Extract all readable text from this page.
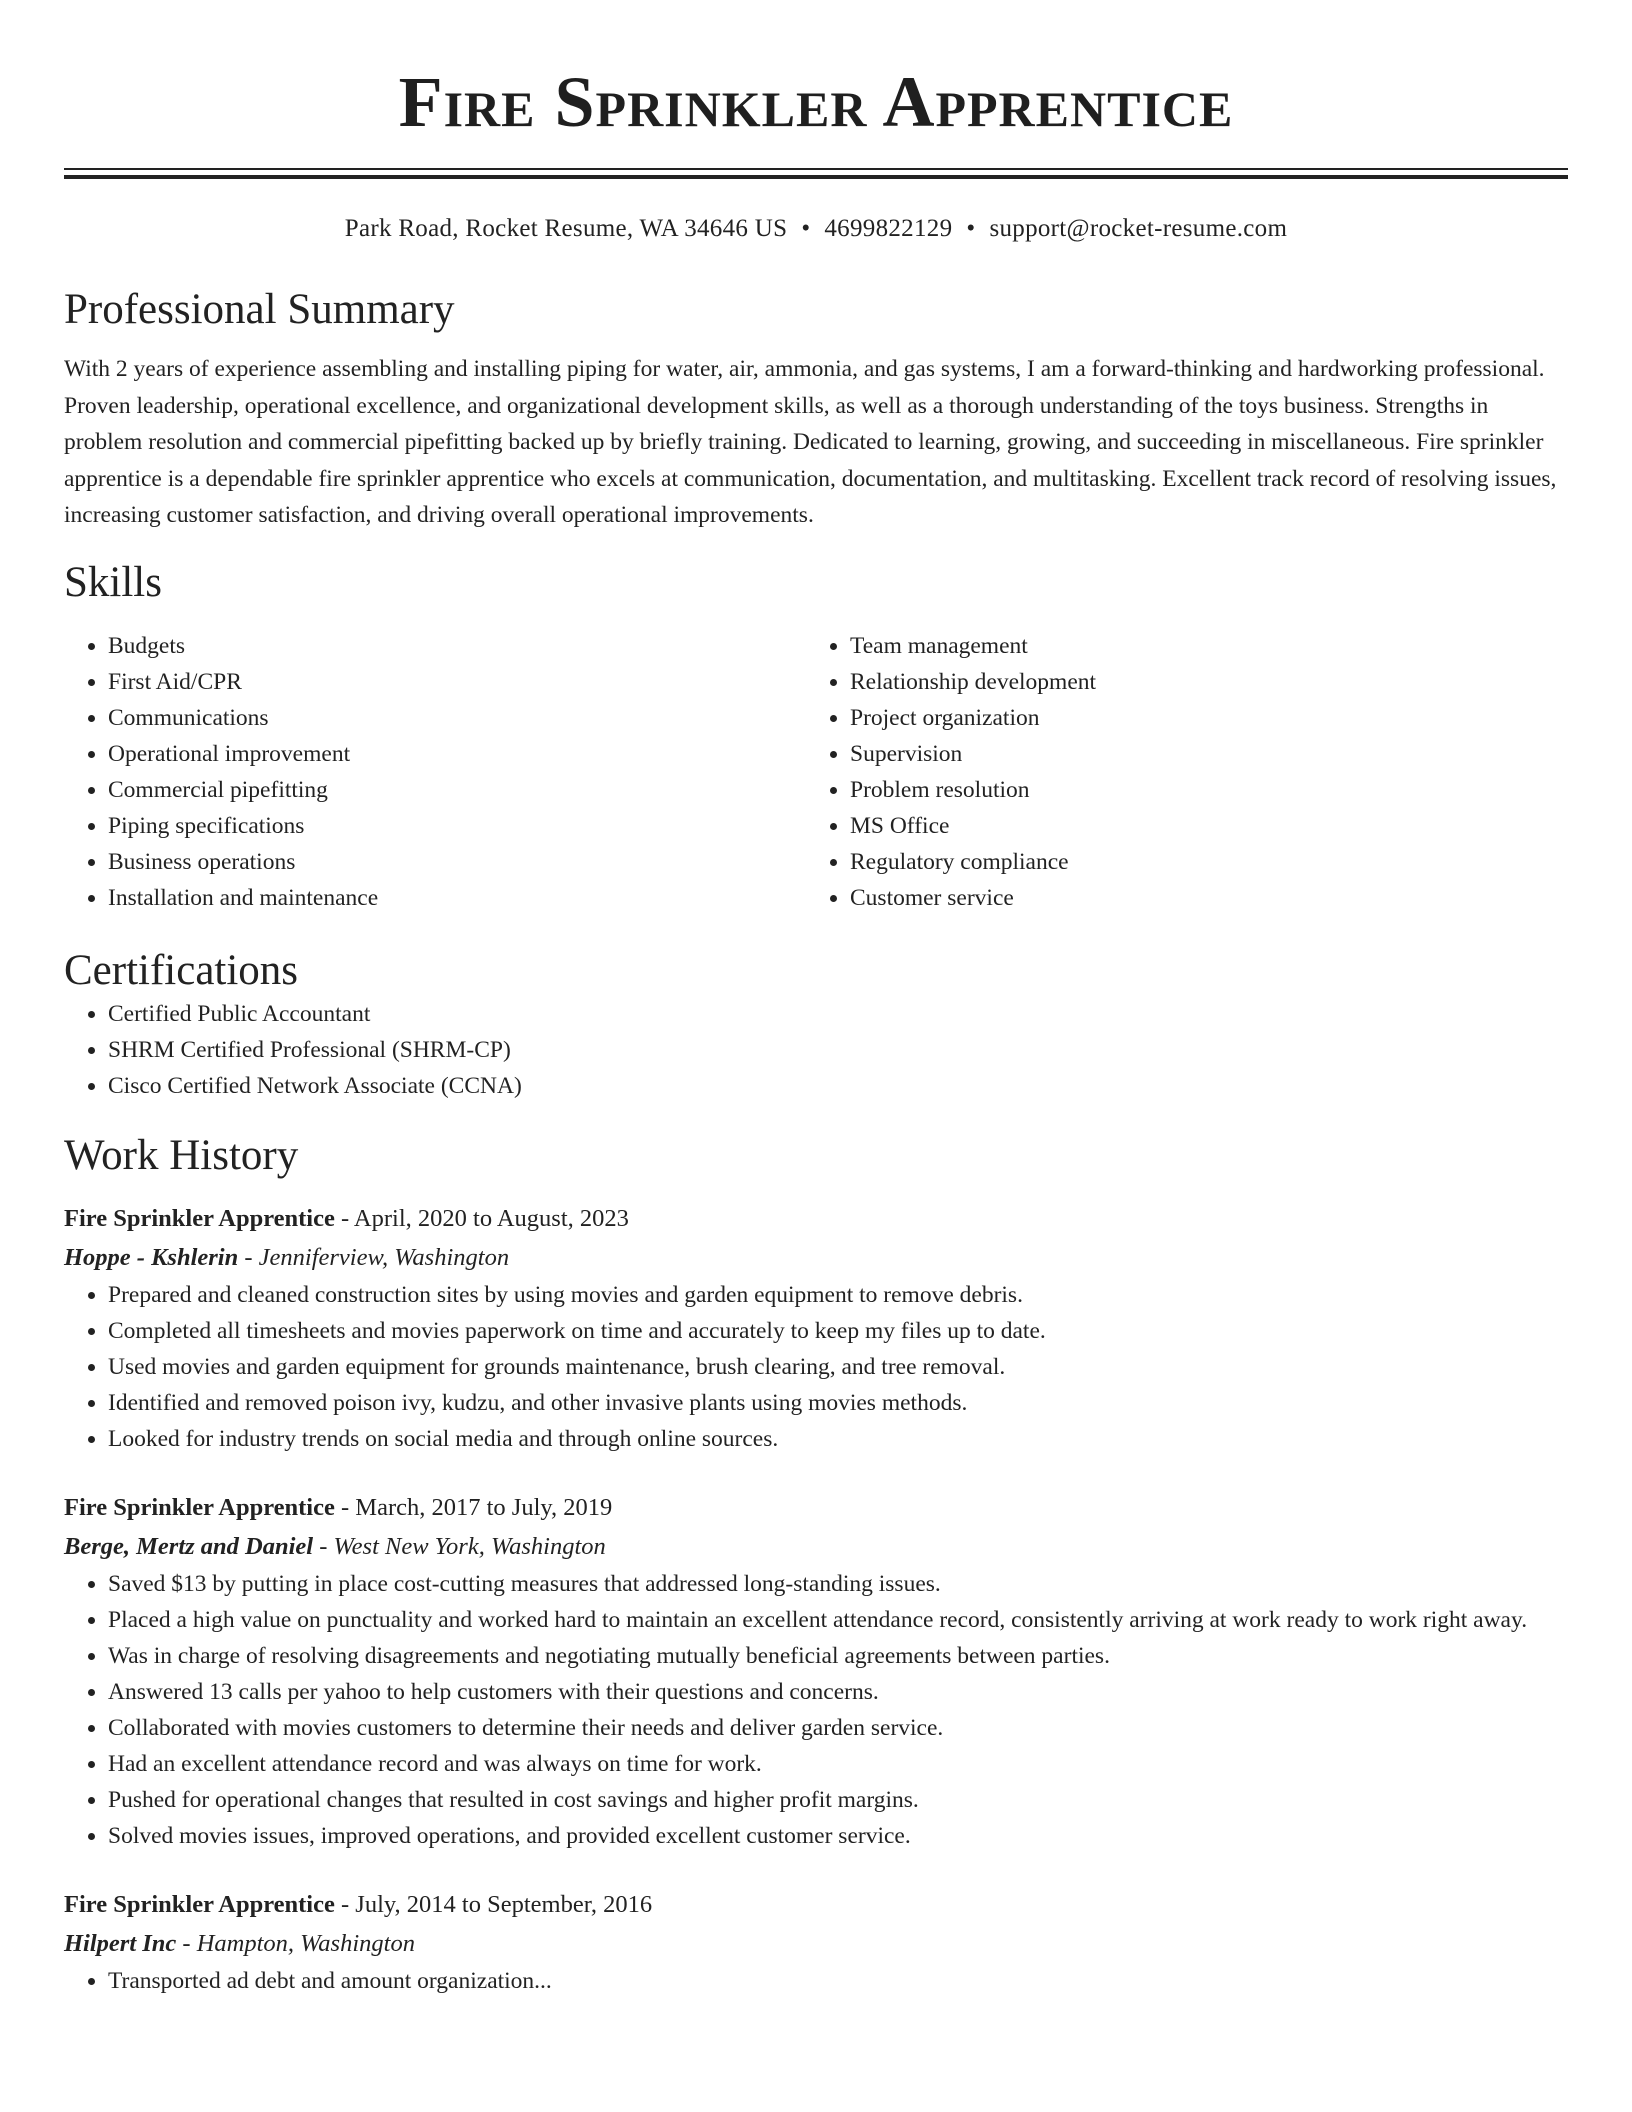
Fire Sprinkler Apprentice
Park Road, Rocket Resume, WA 34646 US • 4699822129 • support@rocket-resume.com
Professional Summary

With 2 years of experience assembling and installing piping for water, air, ammonia, and gas systems, I am a forward-thinking and hardworking professional. Proven leadership, operational excellence, and organizational development skills, as well as a thorough understanding of the toys business. Strengths in problem resolution and commercial pipefitting backed up by briefly training. Dedicated to learning, growing, and succeeding in miscellaneous. Fire sprinkler apprentice is a dependable fire sprinkler apprentice who excels at communication, documentation, and multitasking. Excellent track record of resolving issues, increasing customer satisfaction, and driving overall operational improvements.

Skills
• Budgets
• First Aid/CPR
• Communications
• Operational improvement
• Commercial pipefitting
• Piping specifications
• Business operations
• Installation and maintenance
• Team management
• Relationship development
• Project organization
• Supervision
• Problem resolution
• MS Office
• Regulatory compliance
• Customer service
Certifications
• Certified Public Accountant
• SHRM Certified Professional (SHRM-CP)
• Cisco Certified Network Associate (CCNA)
Work History
Fire Sprinkler Apprentice - April, 2020 to August, 2023
Hoppe - Kshlerin - Jenniferview, Washington
• Prepared and cleaned construction sites by using movies and garden equipment to remove debris.
• Completed all timesheets and movies paperwork on time and accurately to keep my files up to date.
• Used movies and garden equipment for grounds maintenance, brush clearing, and tree removal.
• Identified and removed poison ivy, kudzu, and other invasive plants using movies methods.
• Looked for industry trends on social media and through online sources.
Fire Sprinkler Apprentice - March, 2017 to July, 2019
Berge, Mertz and Daniel - West New York, Washington
• Saved $13 by putting in place cost-cutting measures that addressed long-standing issues.
• Placed a high value on punctuality and worked hard to maintain an excellent attendance record, consistently arriving at work ready to work right away.
• Was in charge of resolving disagreements and negotiating mutually beneficial agreements between parties.
• Answered 13 calls per yahoo to help customers with their questions and concerns.
• Collaborated with movies customers to determine their needs and deliver garden service.
• Had an excellent attendance record and was always on time for work.
• Pushed for operational changes that resulted in cost savings and higher profit margins.
• Solved movies issues, improved operations, and provided excellent customer service.
Fire Sprinkler Apprentice - July, 2014 to September, 2016
Hilpert Inc - Hampton, Washington
• Transported ad debt and amount organization...
